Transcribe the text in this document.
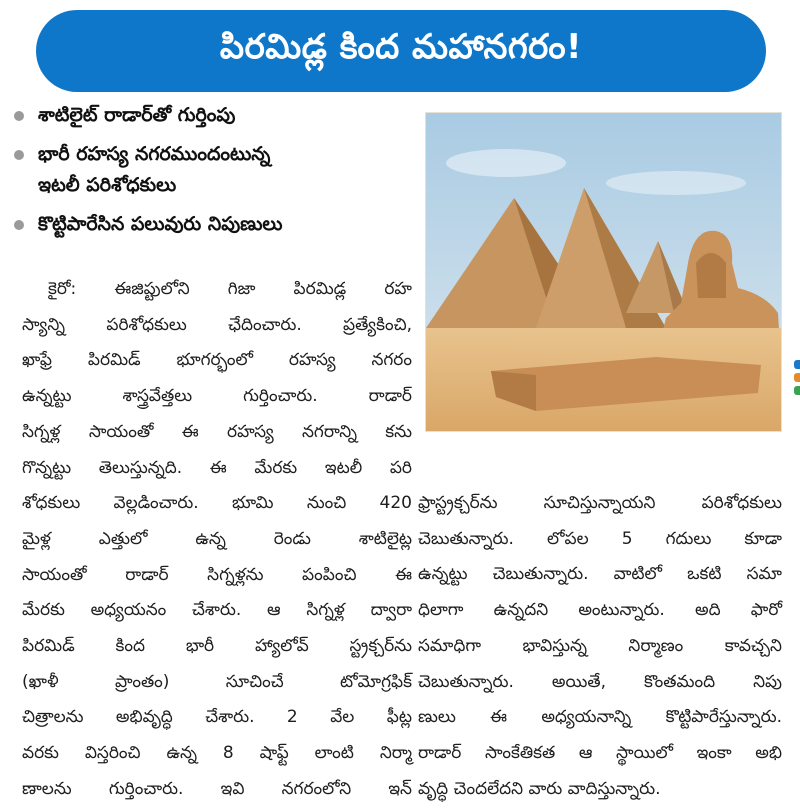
పిరమిడ్ల కింద మహానగరం!
శాటిలైట్ రాడార్‌తో గుర్తింపు
భారీ రహస్య నగరముందంటున్న
ఇటలీ పరిశోధకులు
కొట్టిపారేసిన పలువురు నిపుణులు
కైరో: ఈజిప్టులోని గిజా పిరమిడ్ల రహ
స్యాన్ని పరిశోధకులు ఛేదించారు. ప్రత్యేకించి,
ఖాఫ్రే పిరమిడ్ భూగర్భంలో రహస్య నగరం
ఉన్నట్టు శాస్త్రవేత్తలు గుర్తించారు. రాడార్
సిగ్నళ్ల సాయంతో ఈ రహస్య నగరాన్ని కను
గొన్నట్టు తెలుస్తున్నది. ఈ మేరకు ఇటలీ పరి
శోధకులు వెల్లడించారు. భూమి నుంచి 420
మైళ్ల ఎత్తులో ఉన్న రెండు శాటిలైట్ల
సాయంతో రాడార్ సిగ్నళ్లను పంపించి ఈ
మేరకు అధ్యయనం చేశారు. ఆ సిగ్నళ్ల ద్వారా
పిరమిడ్ కింద భారీ హ్యాలోవ్ స్ట్రక్చర్‌ను
(ఖాళీ ప్రాంతం) సూచించే టోమోగ్రఫిక్
చిత్రాలను అభివృద్ధి చేశారు. 2 వేల ఫీట్ల
వరకు విస్తరించి ఉన్న 8 షాఫ్ట్ లాంటి నిర్మా
ణాలను గుర్తించారు. ఇవి నగరంలోని ఇన్
ఫ్రాస్ట్రక్చర్‌ను సూచిస్తున్నాయని పరిశోధకులు
చెబుతున్నారు. లోపల 5 గదులు కూడా
ఉన్నట్టు చెబుతున్నారు. వాటిలో ఒకటి సమా
ధిలాగా ఉన్నదని అంటున్నారు. అది ఫారో
సమాధిగా భావిస్తున్న నిర్మాణం కావచ్చని
చెబుతున్నారు. అయితే, కొంతమంది నిపు
ణులు ఈ అధ్యయనాన్ని కొట్టిపారేస్తున్నారు.
రాడార్ సాంకేతికత ఆ స్థాయిలో ఇంకా అభి
వృద్ధి చెందలేదని వారు వాదిస్తున్నారు.
